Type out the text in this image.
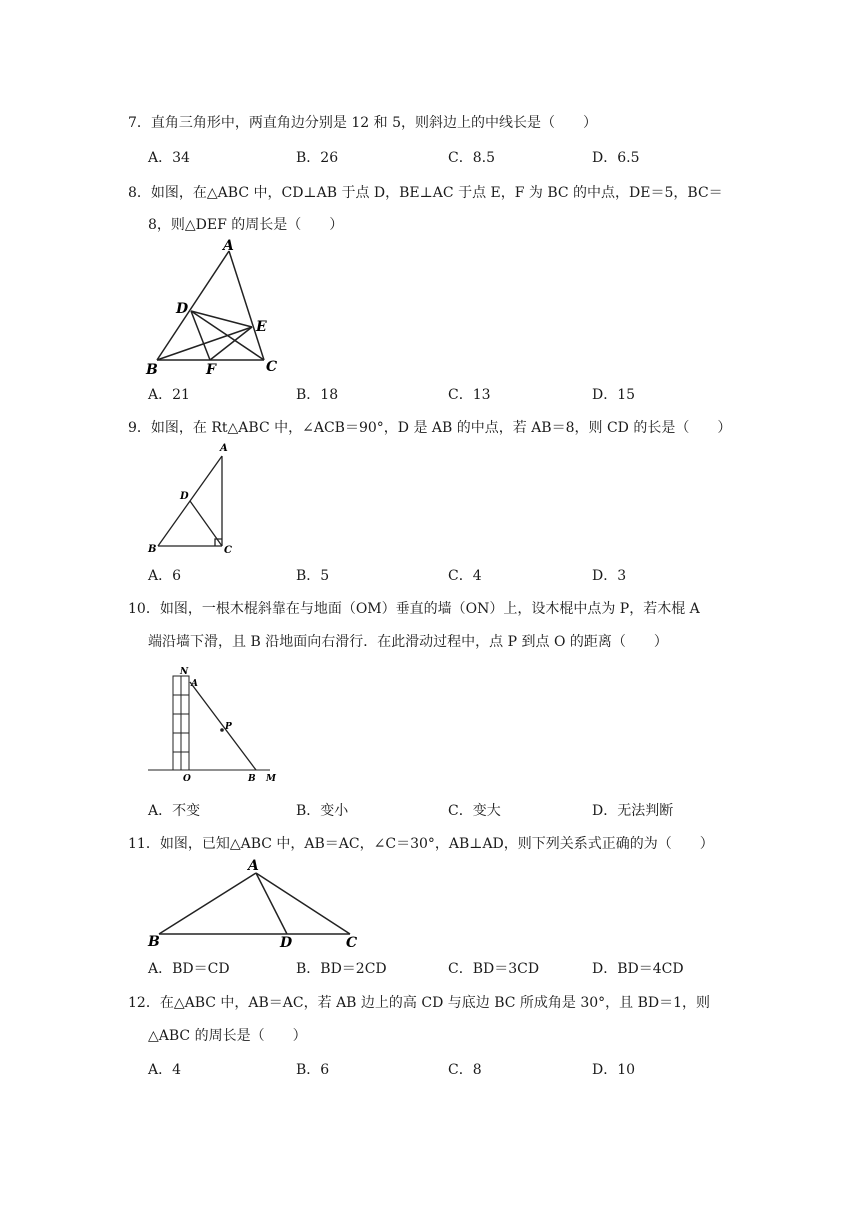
7．直角三角形中，两直角边分别是 12 和 5，则斜边上的中线长是（　　）
A．34	B．26	C．8.5	D．6.5
8．如图，在△ABC 中，CD⊥AB 于点 D，BE⊥AC 于点 E，F 为 BC 的中点，DE＝5，BC＝
8，则△DEF 的周长是（　　）
A
D
E
B	F	C
A．21	B．18	C．13	D．15
9．如图，在 Rt△ABC 中，∠ACB＝90°，D 是 AB 的中点，若 AB＝8，则 CD 的长是（　　）
A
D
B	C
A．6	B．5	C．4	D．3
10．如图，一根木棍斜靠在与地面（OM）垂直的墙（ON）上，设木棍中点为 P，若木棍 A
端沿墙下滑，且 B 沿地面向右滑行．在此滑动过程中，点 P 到点 O 的距离（　　）
N
A
P
O	B M
A．不变	B．变小	C．变大	D．无法判断
11．如图，已知△ABC 中，AB＝AC，∠C＝30°，AB⊥AD，则下列关系式正确的为（　　）
A
B	D	C
A．BD＝CD	B．BD＝2CD	C．BD＝3CD	D．BD＝4CD
12．在△ABC 中，AB＝AC，若 AB 边上的高 CD 与底边 BC 所成角是 30°，且 BD＝1，则
△ABC 的周长是（　　）
A．4	B．6	C．8	D．10
